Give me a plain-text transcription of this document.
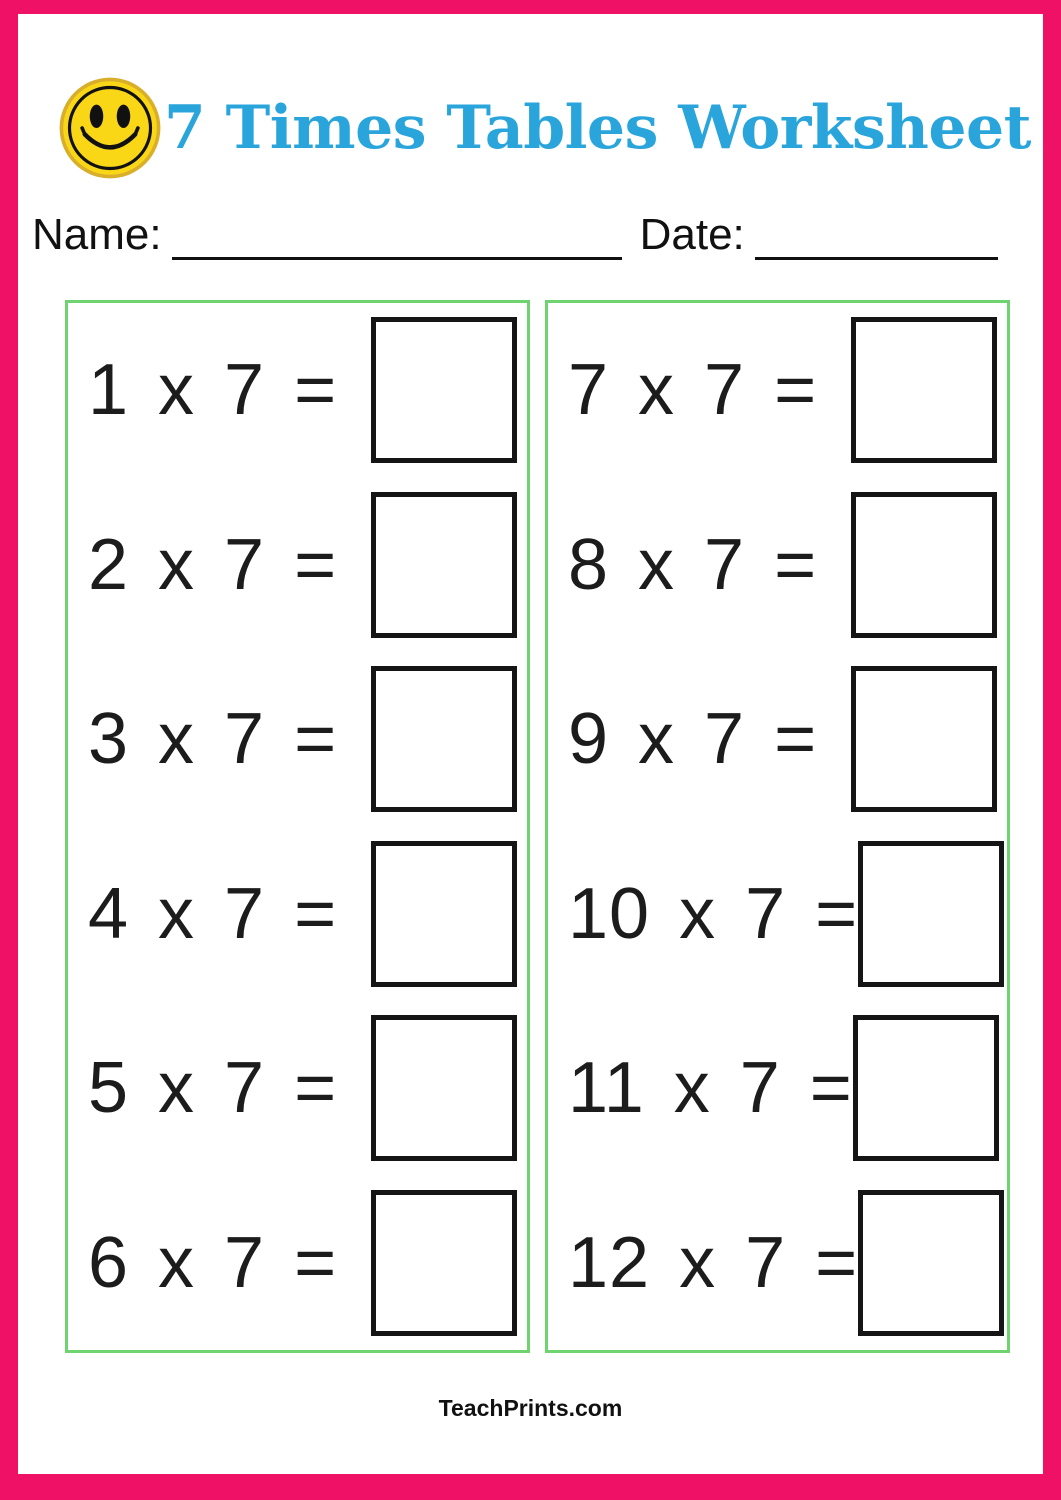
7 Times Tables Worksheet
Name:	Date:
1 x 7 =
2 x 7 =
3 x 7 =
4 x 7 =
5 x 7 =
6 x 7 =
7 x 7 =
8 x 7 =
9 x 7 =
10 x 7 =
11 x 7 =
12 x 7 =
TeachPrints.com
